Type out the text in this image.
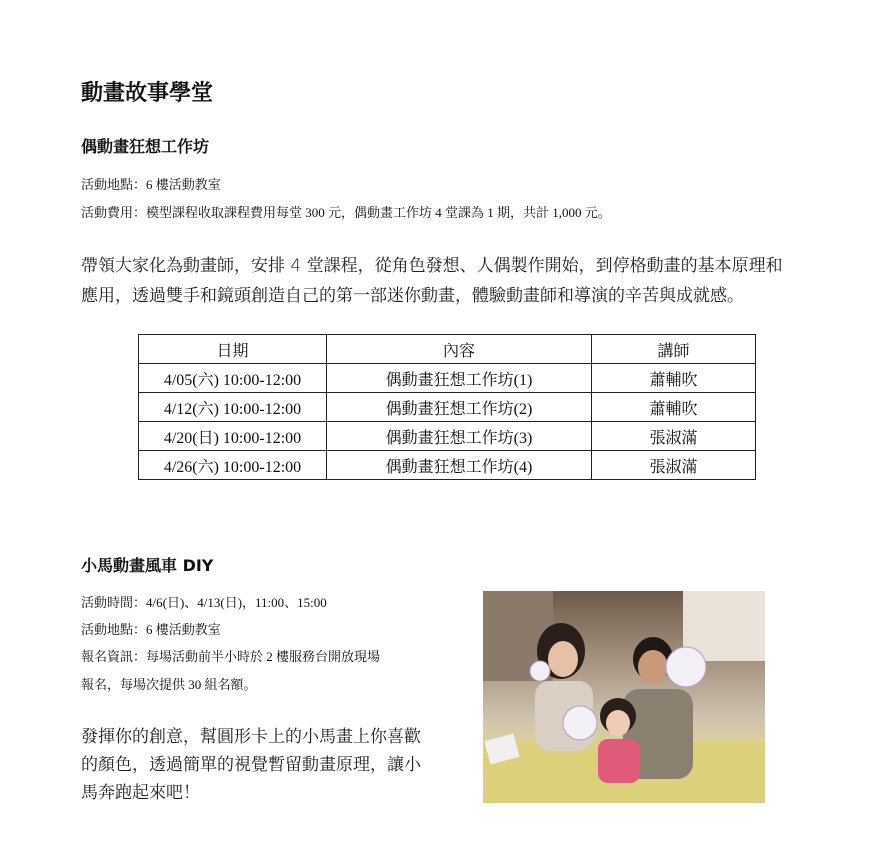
動畫故事學堂
偶動畫狂想工作坊
活動地點：6 樓活動教室
活動費用：模型課程收取課程費用每堂 300 元，偶動畫工作坊 4 堂課為 1 期，共計 1,000 元。
帶領大家化為動畫師，安排 4 堂課程，從角色發想、人偶製作開始，到停格動畫的基本原理和
應用，透過雙手和鏡頭創造自己的第一部迷你動畫，體驗動畫師和導演的辛苦與成就感。
日期	內容	講師
4/05(六) 10:00-12:00	偶動畫狂想工作坊(1)	蕭輔吹
4/12(六) 10:00-12:00	偶動畫狂想工作坊(2)	蕭輔吹
4/20(日) 10:00-12:00	偶動畫狂想工作坊(3)	張淑滿
4/26(六) 10:00-12:00	偶動畫狂想工作坊(4)	張淑滿
小馬動畫風車 DIY
活動時間：4/6(日)、4/13(日)，11:00、15:00
活動地點：6 樓活動教室
報名資訊：每場活動前半小時於 2 樓服務台開放現場
報名，每場次提供 30 組名額。
發揮你的創意，幫圓形卡上的小馬畫上你喜歡
的顏色，透過簡單的視覺暫留動畫原理，讓小
馬奔跑起來吧！
